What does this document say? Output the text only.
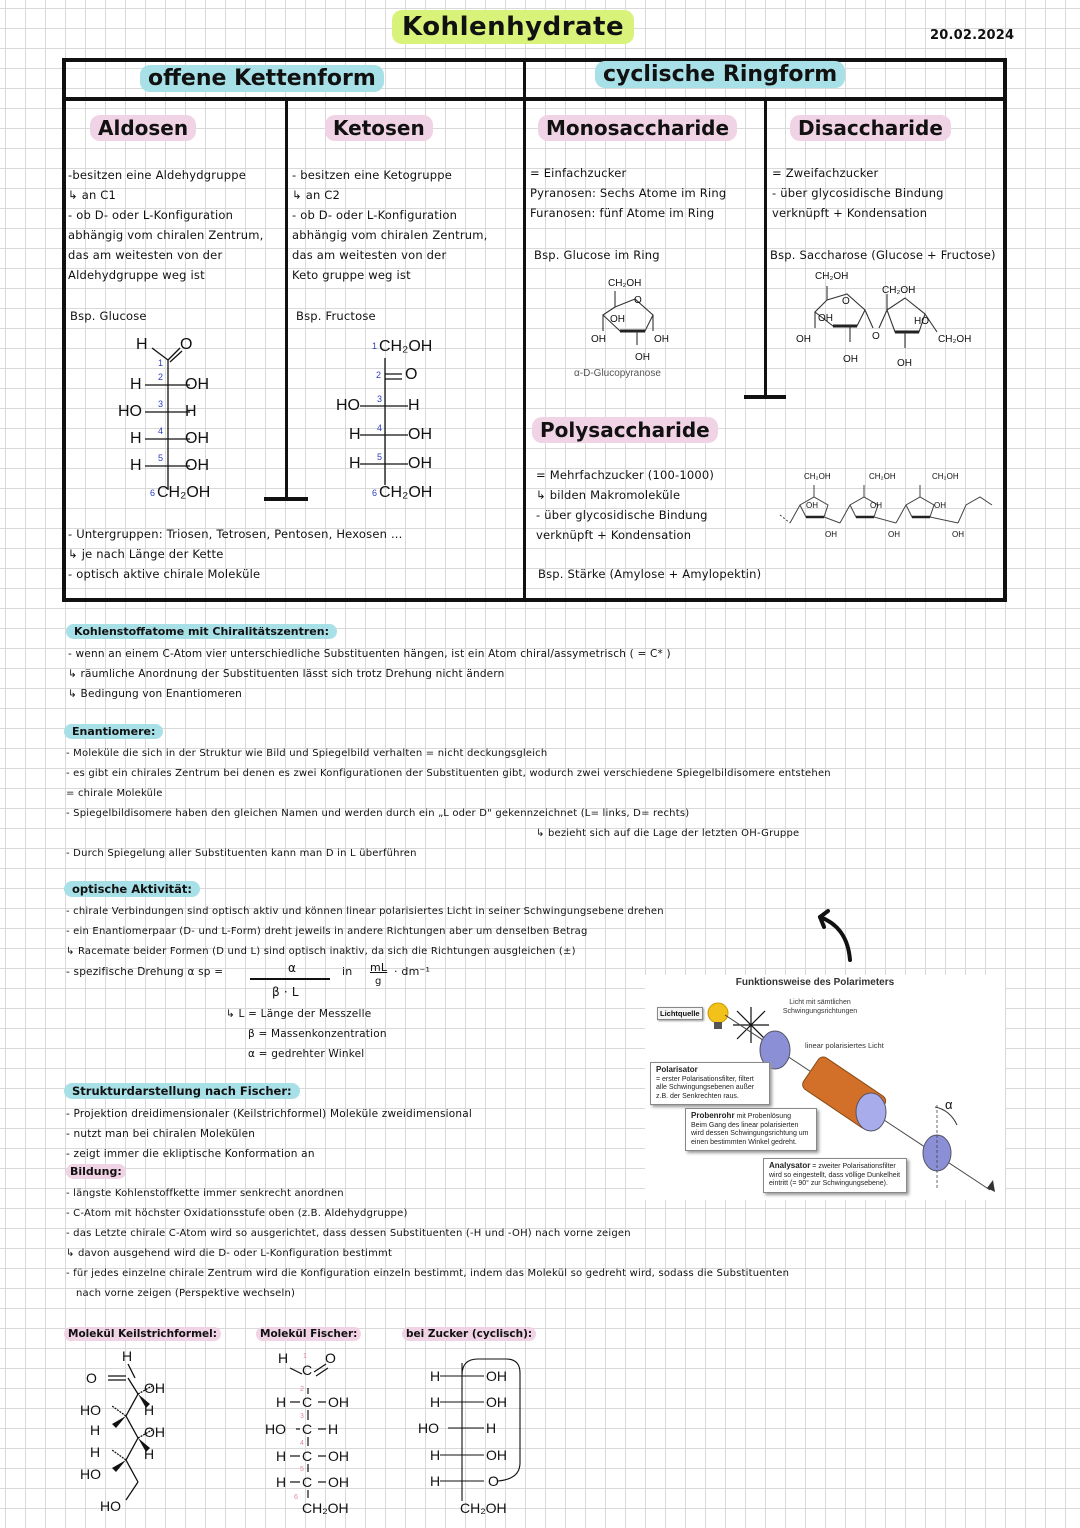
Kohlenhydrate	20.02.2024
offene Kettenform	cyclische Ringform
Aldosen
-besitzen eine Aldehydgruppe
↳ an C1
- ob D- oder L-Konfiguration
abhängig vom chiralen Zentrum,
das am weitesten von der
Aldehydgruppe weg ist
Bsp. Glucose
H O
1
H 2 OH
HO 3 H
H 4 OH
H 5 OH
6 CH₂OH
Ketosen
- besitzen eine Ketogruppe
↳ an C2
- ob D- oder L-Konfiguration
abhängig vom chiralen Zentrum,
das am weitesten von der
Keto gruppe weg ist
Bsp. Fructose
1 CH₂OH
2 O
HO 3 H
H 4 OH
H 5 OH
6 CH₂OH
- Untergruppen: Triosen, Tetrosen, Pentosen, Hexosen ...
↳ je nach Länge der Kette
- optisch aktive chirale Moleküle
Monosaccharide
= Einfachzucker
Pyranosen: Sechs Atome im Ring
Furanosen: fünf Atome im Ring
Bsp. Glucose im Ring
CH₂OH
O
OH
OH	OH
OH
α-D-Glucopyranose
Disaccharide
= Zweifachzucker
- über glycosidische Bindung
verknüpft + Kondensation
Bsp. Saccharose (Glucose + Fructose)
CH₂OH
CH₂OH
O
OH	HO
OH	O	CH₂OH
OH	OH
Polysaccharide
= Mehrfachzucker (100-1000)
↳ bilden Makromoleküle
- über glycosidische Bindung
verknüpft + Kondensation
Bsp. Stärke (Amylose + Amylopektin)
CH₂OH	CH₂OH	CH₂OH
OH	OH	OH
OH	OH	OH
Kohlenstoffatome mit Chiralitätszentren:
- wenn an einem C-Atom vier unterschiedliche Substituenten hängen, ist ein Atom chiral/assymetrisch ( = C* )
↳ räumliche Anordnung der Substituenten lässt sich trotz Drehung nicht ändern
↳ Bedingung von Enantiomeren
Enantiomere:
- Moleküle die sich in der Struktur wie Bild und Spiegelbild verhalten = nicht deckungsgleich
- es gibt ein chirales Zentrum bei denen es zwei Konfigurationen der Substituenten gibt, wodurch zwei verschiedene Spiegelbildisomere entstehen
= chirale Moleküle
- Spiegelbildisomere haben den gleichen Namen und werden durch ein „L oder D" gekennzeichnet (L= links, D= rechts)
↳ bezieht sich auf die Lage der letzten OH-Gruppe
- Durch Spiegelung aller Substituenten kann man D in L überführen
optische Aktivität:
- chirale Verbindungen sind optisch aktiv und können linear polarisiertes Licht in seiner Schwingungsebene drehen
- ein Enantiomerpaar (D- und L-Form) dreht jeweils in andere Richtungen aber um denselben Betrag
↳ Racemate beider Formen (D und L) sind optisch inaktiv, da sich die Richtungen ausgleichen (±)
- spezifische Drehung α sp =	α
β · L
in mL
g
· dm⁻¹
↳ L = Länge der Messzelle
β = Massenkonzentration
α = gedrehter Winkel
Funktionsweise des Polarimeters
Lichtquelle
Licht mit sämtlichen Schwingungsrichtungen
linear polarisiertes Licht
α
Polarisator
= erster Polarisationsfilter, filtert alle Schwingungsebenen außer z.B. der Senkrechten raus.
Probenrohr mit Probenlösung
Beim Gang des linear polarisierten wird dessen Schwingungsrichtung um einen bestimmten Winkel gedreht.
Analysator = zweiter Polarisationsfilter wird so eingestellt, dass völlige Dunkelheit eintritt (= 90° zur Schwingungsebene).
Strukturdarstellung nach Fischer:
- Projektion dreidimensionaler (Keilstrichformel) Moleküle zweidimensional
- nutzt man bei chiralen Molekülen
- zeigt immer die ekliptische Konformation an
Bildung:
- längste Kohlenstoffkette immer senkrecht anordnen
- C-Atom mit höchster Oxidationsstufe oben (z.B. Aldehydgruppe)
- das Letzte chirale C-Atom wird so ausgerichtet, dass dessen Substituenten (-H und -OH) nach vorne zeigen
↳ davon ausgehend wird die D- oder L-Konfiguration bestimmt
- für jedes einzelne chirale Zentrum wird die Konfiguration einzeln bestimmt, indem das Molekül so gedreht wird, sodass die Substituenten
nach vorne zeigen (Perspektive wechseln)
Molekül Keilstrichformel:	Molekül Fischer:	bei Zucker (cyclisch):
H
O
OH
HO	H
H	OH
H	H
HO
HO
H 1
C
O
H
2
C OH
HO
3
C H
H
4
C OH
H
5
C OH
6
CH₂OH
H	OH
H	OH
HO	H
H	OH
H	O
CH₂OH
